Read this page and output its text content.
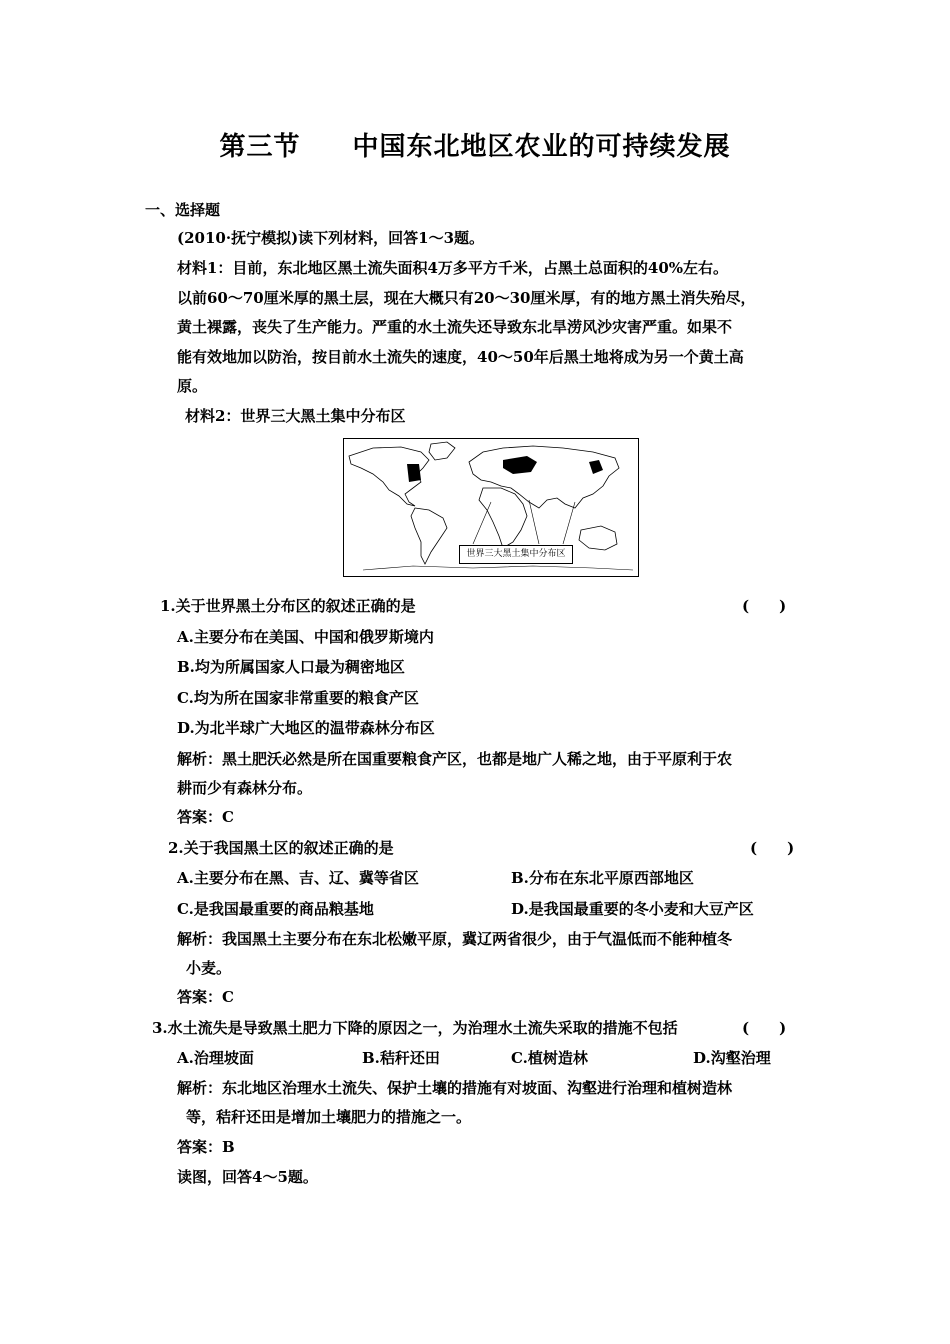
第三节 中国东北地区农业的可持续发展
一、选择题
(2010·抚宁模拟)读下列材料，回答1～3题。
材料1：目前，东北地区黑土流失面积4万多平方千米，占黑土总面积的40%左右。
以前60～70厘米厚的黑土层，现在大概只有20～30厘米厚，有的地方黑土消失殆尽，
黄土裸露，丧失了生产能力。严重的水土流失还导致东北旱涝风沙灾害严重。如果不
能有效地加以防治，按目前水土流失的速度，40～50年后黑土地将成为另一个黄土高
原。
材料2：世界三大黑土集中分布区
世界三大黑土集中分布区
1.关于世界黑土分布区的叙述正确的是	(　　)
A.主要分布在美国、中国和俄罗斯境内
B.均为所属国家人口最为稠密地区
C.均为所在国家非常重要的粮食产区
D.为北半球广大地区的温带森林分布区
解析：黑土肥沃必然是所在国重要粮食产区，也都是地广人稀之地，由于平原利于农
耕而少有森林分布。
答案：C
2.关于我国黑土区的叙述正确的是	(　　)
A.主要分布在黑、吉、辽、冀等省区	B.分布在东北平原西部地区
C.是我国最重要的商品粮基地	D.是我国最重要的冬小麦和大豆产区
解析：我国黑土主要分布在东北松嫩平原，冀辽两省很少，由于气温低而不能种植冬
小麦。
答案：C
3.水土流失是导致黑土肥力下降的原因之一，为治理水土流失采取的措施不包括	(　　)
A.治理坡面	B.秸秆还田	C.植树造林	D.沟壑治理
解析：东北地区治理水土流失、保护土壤的措施有对坡面、沟壑进行治理和植树造林
等，秸秆还田是增加土壤肥力的措施之一。
答案：B
读图，回答4～5题。
